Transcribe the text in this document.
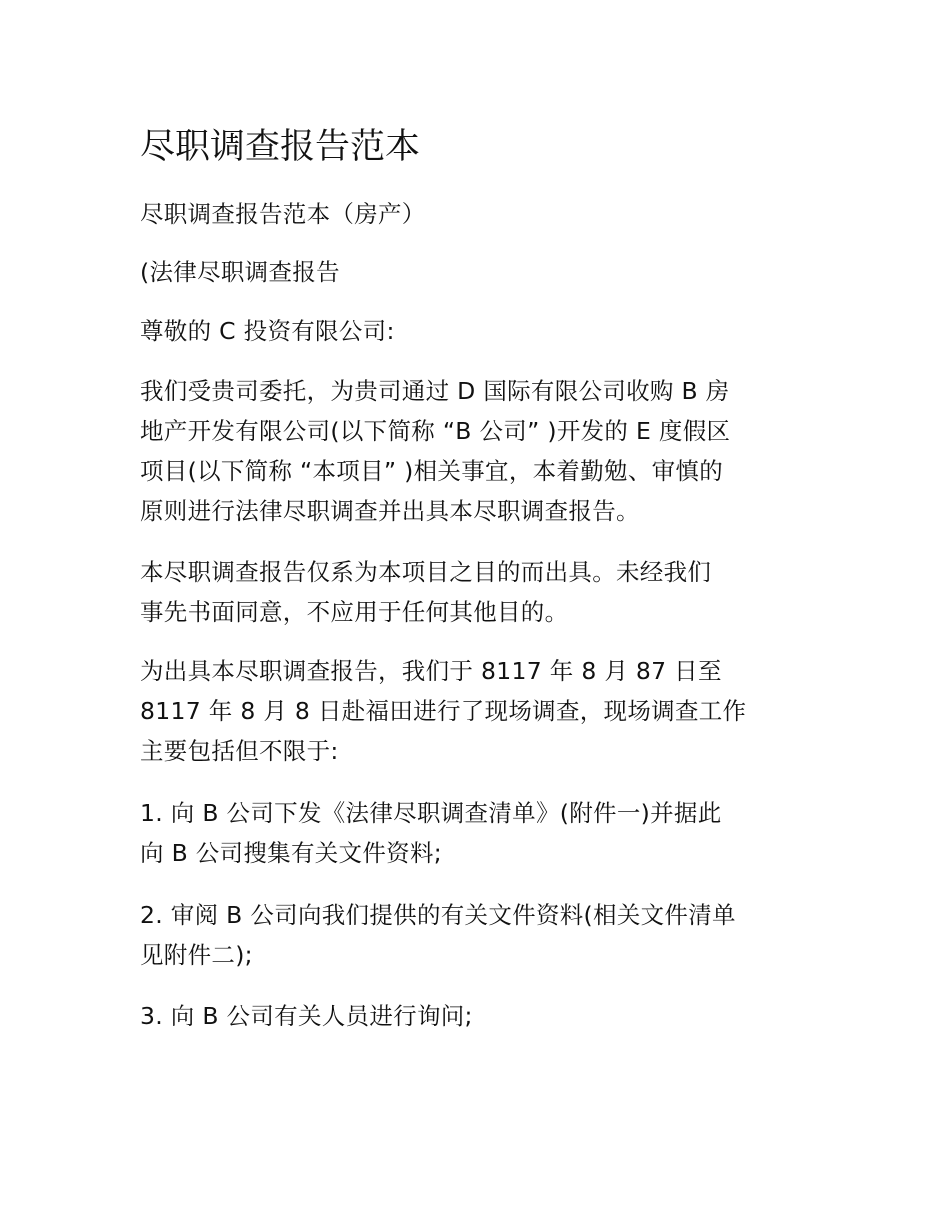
尽职调查报告范本

尽职调查报告范本（房产）

(法律尽职调查报告

尊敬的 C 投资有限公司:

我们受贵司委托，为贵司通过 D 国际有限公司收购 B 房
地产开发有限公司(以下简称 “B 公司” )开发的 E 度假区
项目(以下简称 “本项目” )相关事宜，本着勤勉、审慎的
原则进行法律尽职调查并出具本尽职调查报告。

本尽职调查报告仅系为本项目之目的而出具。未经我们
事先书面同意，不应用于任何其他目的。

为出具本尽职调查报告，我们于 8117 年 8 月 87 日至
8117 年 8 月 8 日赴福田进行了现场调查，现场调查工作
主要包括但不限于:

1. 向 B 公司下发《法律尽职调查清单》(附件一)并据此
向 B 公司搜集有关文件资料;

2. 审阅 B 公司向我们提供的有关文件资料(相关文件清单
见附件二);

3. 向 B 公司有关人员进行询问;
